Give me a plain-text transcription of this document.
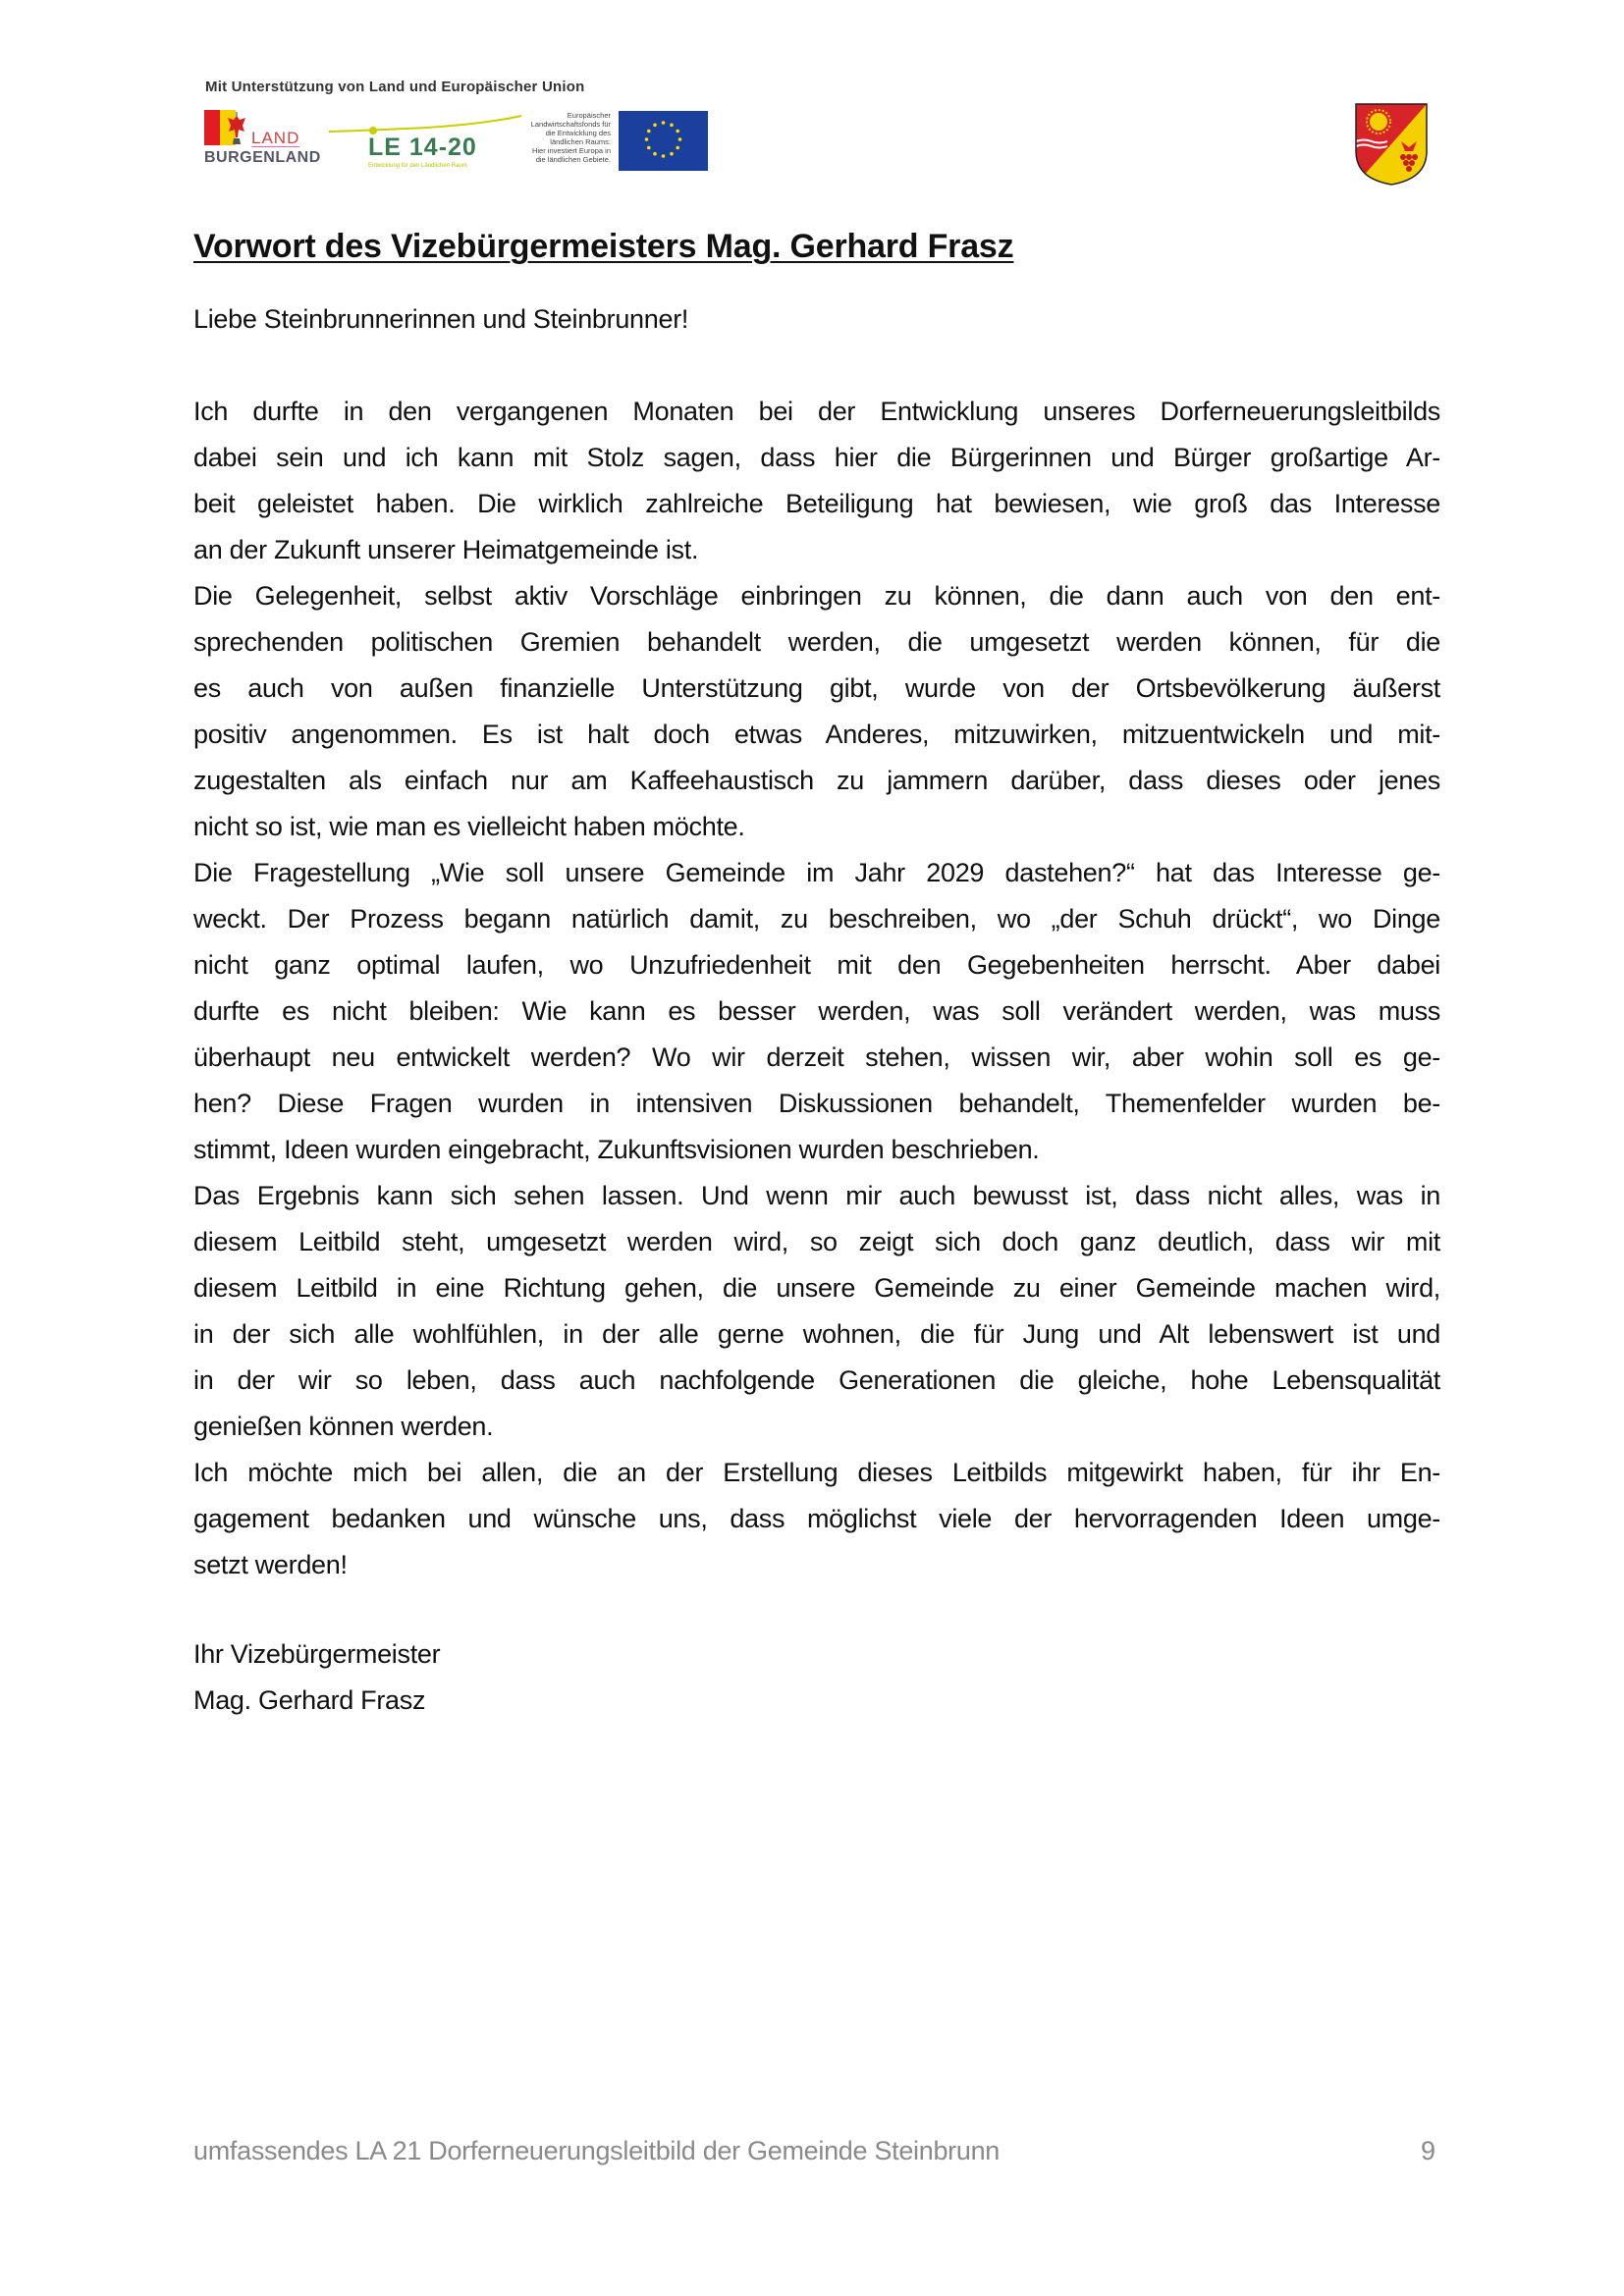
Mit Unterstützung von Land und Europäischer Union
LAND
BURGENLAND LE 14-20
Entwicklung für den Ländlichen Raum
Europäischer
Landwirtschaftsfonds für
die Entwicklung des
ländlichen Raums:
Hier investiert Europa in
die ländlichen Gebiete.
Vorwort des Vizebürgermeisters Mag. Gerhard Frasz
Liebe Steinbrunnerinnen und Steinbrunner!
Ich durfte in den vergangenen Monaten bei der Entwicklung unseres Dorferneuerungsleitbilds
dabei sein und ich kann mit Stolz sagen, dass hier die Bürgerinnen und Bürger großartige Ar-
beit geleistet haben. Die wirklich zahlreiche Beteiligung hat bewiesen, wie groß das Interesse
an der Zukunft unserer Heimatgemeinde ist.
Die Gelegenheit, selbst aktiv Vorschläge einbringen zu können, die dann auch von den ent-
sprechenden politischen Gremien behandelt werden, die umgesetzt werden können, für die
es auch von außen finanzielle Unterstützung gibt, wurde von der Ortsbevölkerung äußerst
positiv angenommen. Es ist halt doch etwas Anderes, mitzuwirken, mitzuentwickeln und mit-
zugestalten als einfach nur am Kaffeehaustisch zu jammern darüber, dass dieses oder jenes
nicht so ist, wie man es vielleicht haben möchte.
Die Fragestellung „Wie soll unsere Gemeinde im Jahr 2029 dastehen?“ hat das Interesse ge-
weckt. Der Prozess begann natürlich damit, zu beschreiben, wo „der Schuh drückt“, wo Dinge
nicht ganz optimal laufen, wo Unzufriedenheit mit den Gegebenheiten herrscht. Aber dabei
durfte es nicht bleiben: Wie kann es besser werden, was soll verändert werden, was muss
überhaupt neu entwickelt werden? Wo wir derzeit stehen, wissen wir, aber wohin soll es ge-
hen? Diese Fragen wurden in intensiven Diskussionen behandelt, Themenfelder wurden be-
stimmt, Ideen wurden eingebracht, Zukunftsvisionen wurden beschrieben.
Das Ergebnis kann sich sehen lassen. Und wenn mir auch bewusst ist, dass nicht alles, was in
diesem Leitbild steht, umgesetzt werden wird, so zeigt sich doch ganz deutlich, dass wir mit
diesem Leitbild in eine Richtung gehen, die unsere Gemeinde zu einer Gemeinde machen wird,
in der sich alle wohlfühlen, in der alle gerne wohnen, die für Jung und Alt lebenswert ist und
in der wir so leben, dass auch nachfolgende Generationen die gleiche, hohe Lebensqualität
genießen können werden.
Ich möchte mich bei allen, die an der Erstellung dieses Leitbilds mitgewirkt haben, für ihr En-
gagement bedanken und wünsche uns, dass möglichst viele der hervorragenden Ideen umge-
setzt werden!
Ihr Vizebürgermeister
Mag. Gerhard Frasz
umfassendes LA 21 Dorferneuerungsleitbild der Gemeinde Steinbrunn	9
